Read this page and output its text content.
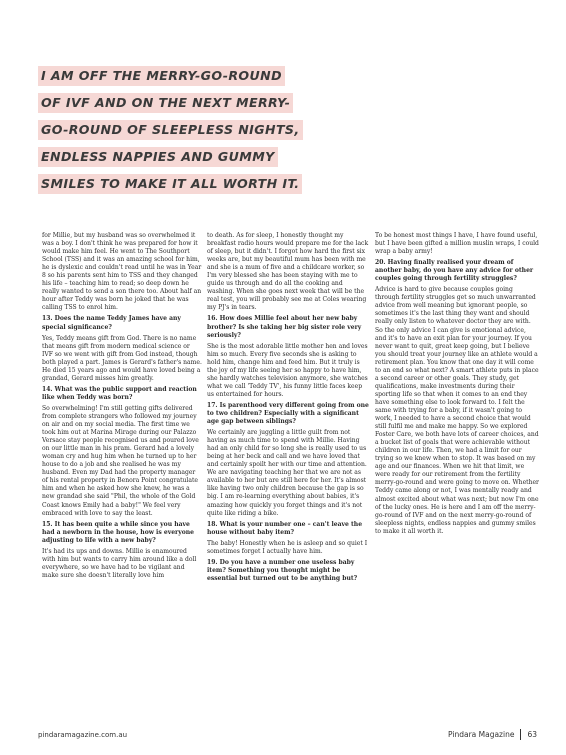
I AM OFF THE MERRY-GO-ROUND
OF IVF AND ON THE NEXT MERRY-
GO-ROUND OF SLEEPLESS NIGHTS,
ENDLESS NAPPIES AND GUMMY
SMILES TO MAKE IT ALL WORTH IT.

for Millie, but my husband was so overwhelmed it was a boy. I don't think he was prepared for how it would make him feel. He went to The Southport School (TSS) and it was an amazing school for him, he is dyslexic and couldn't read until he was in Year 8 so his parents sent him to TSS and they changed his life – teaching him to read; so deep down he really wanted to send a son there too. About half an hour after Teddy was born he joked that he was calling TSS to enrol him.

13. Does the name Teddy James have any special significance?

Yes, Teddy means gift from God. There is no name that means gift from modern medical science or IVF so we went with gift from God instead, though both played a part. James is Gerard's father's name. He died 15 years ago and would have loved being a grandad, Gerard misses him greatly.

14. What was the public support and reaction like when Teddy was born?

So overwhelming! I'm still getting gifts delivered from complete strangers who followed my journey on air and on my social media. The first time we took him out at Marina Mirage during our Palazzo Versace stay people recognised us and poured love on our little man in his pram. Gerard had a lovely woman cry and hug him when he turned up to her house to do a job and she realised he was my husband. Even my Dad had the property manager of his rental property in Benora Point congratulate him and when he asked how she knew, he was a new grandad she said "Phil, the whole of the Gold Coast knows Emily had a baby!" We feel very embraced with love to say the least.

15. It has been quite a while since you have had a newborn in the house, how is everyone adjusting to life with a new baby?

It's had its ups and downs. Millie is enamoured with him but wants to carry him around like a doll everywhere, so we have had to be vigilant and make sure she doesn't literally love him

to death. As for sleep, I honestly thought my breakfast radio hours would prepare me for the lack of sleep, but it didn't. I forgot how hard the first six weeks are, but my beautiful mum has been with me and she is a mum of five and a childcare worker, so I'm very blessed she has been staying with me to guide us through and do all the cooking and washing. When she goes next week that will be the real test, you will probably see me at Coles wearing my PJ's in tears.

16. How does Millie feel about her new baby brother? Is she taking her big sister role very seriously?

She is the most adorable little mother hen and loves him so much. Every five seconds she is asking to hold him, change him and feed him. But it truly is the joy of my life seeing her so happy to have him, she hardly watches television anymore, she watches what we call 'Teddy TV', his funny little faces keep us entertained for hours.

17. Is parenthood very different going from one to two children? Especially with a significant age gap between siblings?

We certainly are juggling a little guilt from not having as much time to spend with Millie. Having had an only child for so long she is really used to us being at her beck and call and we have loved that and certainly spoilt her with our time and attention. We are navigating teaching her that we are not as available to her but are still here for her. It's almost like having two only children because the gap is so big. I am re-learning everything about babies, it's amazing how quickly you forget things and it's not quite like riding a bike.

18. What is your number one – can't leave the house without baby item?

The baby! Honestly when he is asleep and so quiet I sometimes forget I actually have him.

19. Do you have a number one useless baby item? Something you thought might be essential but turned out to be anything but?

To be honest most things I have, I have found useful, but I have been gifted a million muslin wraps, I could wrap a baby army!

20. Having finally realised your dream of another baby, do you have any advice for other couples going through fertility struggles?

Advice is hard to give because couples going through fertility struggles get so much unwarranted advice from well meaning but ignorant people, so sometimes it's the last thing they want and should really only listen to whatever doctor they are with. So the only advice I can give is emotional advice, and it's to have an exit plan for your journey. If you never want to quit, great keep going, but I believe you should treat your journey like an athlete would a retirement plan. You know that one day it will come to an end so what next? A smart athlete puts in place a second career or other goals. They study, get qualifications, make investments during their sporting life so that when it comes to an end they have something else to look forward to. I felt the same with trying for a baby, if it wasn't going to work, I needed to have a second choice that would still fulfil me and make me happy. So we explored Foster Care, we both have lots of career choices, and a bucket list of goals that were achievable without children in our life. Then, we had a limit for our trying so we knew when to stop. It was based on my age and our finances. When we hit that limit, we were ready for our retirement from the fertility merry-go-round and were going to move on. Whether Teddy came along or not, I was mentally ready and almost excited about what was next; but now I'm one of the lucky ones. He is here and I am off the merry-go-round of IVF and on the next merry-go-round of sleepless nights, endless nappies and gummy smiles to make it all worth it.

pindaramagazine.com.au	Pindara Magazine 63
